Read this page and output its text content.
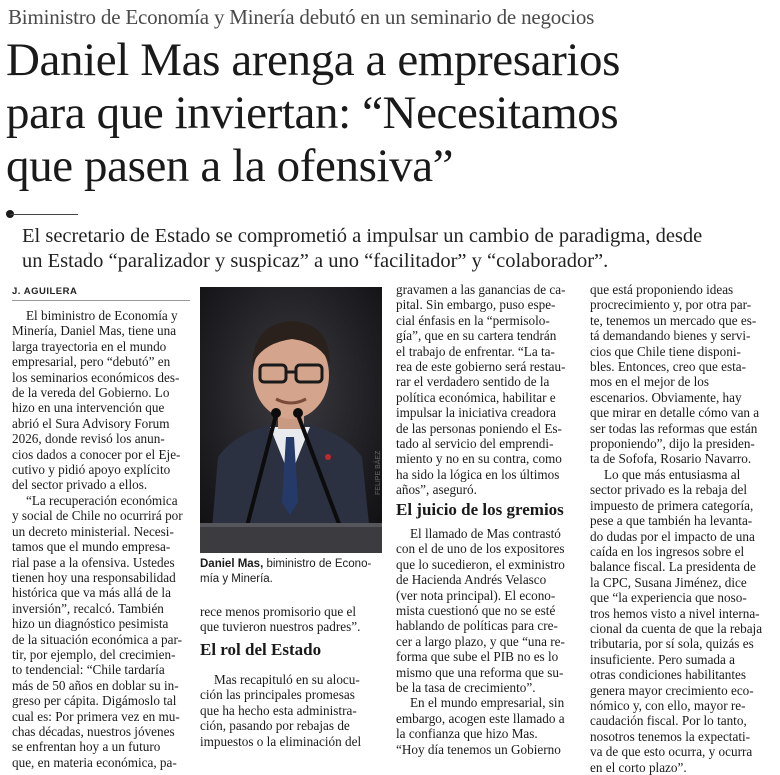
Biministro de Economía y Minería debutó en un seminario de negocios
Daniel Mas arenga a empresarios
para que inviertan: “Necesitamos
que pasen a la ofensiva”
El secretario de Estado se comprometió a impulsar un cambio de paradigma, desde
un Estado “paralizador y suspicaz” a uno “facilitador” y “colaborador”.
J. AGUILERA
El biministro de Economía y
Minería, Daniel Mas, tiene una
larga trayectoria en el mundo
empresarial, pero “debutó” en
los seminarios económicos des-
de la vereda del Gobierno. Lo
hizo en una intervención que
abrió el Sura Advisory Forum
2026, donde revisó los anun-
cios dados a conocer por el Eje-
cutivo y pidió apoyo explícito
del sector privado a ellos.
“La recuperación económica
y social de Chile no ocurrirá por
un decreto ministerial. Necesi-
tamos que el mundo empresa-
rial pase a la ofensiva. Ustedes
tienen hoy una responsabilidad
histórica que va más allá de la
inversión”, recalcó. También
hizo un diagnóstico pesimista
de la situación económica a par-
tir, por ejemplo, del crecimien-
to tendencial: “Chile tardaría
más de 50 años en doblar su in-
greso per cápita. Digámoslo tal
cual es: Por primera vez en mu-
chas décadas, nuestros jóvenes
se enfrentan hoy a un futuro
que, en materia económica, pa-
FELIPE BÁEZ
Daniel Mas, biministro de Econo-
mía y Minería.
rece menos promisorio que el
que tuvieron nuestros padres”.
El rol del Estado
Mas recapituló en su alocu-
ción las principales promesas
que ha hecho esta administra-
ción, pasando por rebajas de
impuestos o la eliminación del
gravamen a las ganancias de ca-
pital. Sin embargo, puso espe-
cial énfasis en la “permisolo-
gía”, que en su cartera tendrán
el trabajo de enfrentar. “La ta-
rea de este gobierno será restau-
rar el verdadero sentido de la
política económica, habilitar e
impulsar la iniciativa creadora
de las personas poniendo el Es-
tado al servicio del emprendi-
miento y no en su contra, como
ha sido la lógica en los últimos
años”, aseguró.
El juicio de los gremios
El llamado de Mas contrastó
con el de uno de los expositores
que lo sucedieron, el exministro
de Hacienda Andrés Velasco
(ver nota principal). El econo-
mista cuestionó que no se esté
hablando de políticas para cre-
cer a largo plazo, y que “una re-
forma que sube el PIB no es lo
mismo que una reforma que su-
be la tasa de crecimiento”.
En el mundo empresarial, sin
embargo, acogen este llamado a
la confianza que hizo Mas.
“Hoy día tenemos un Gobierno
que está proponiendo ideas
procrecimiento y, por otra par-
te, tenemos un mercado que es-
tá demandando bienes y servi-
cios que Chile tiene disponi-
bles. Entonces, creo que esta-
mos en el mejor de los
escenarios. Obviamente, hay
que mirar en detalle cómo van a
ser todas las reformas que están
proponiendo”, dijo la presiden-
ta de Sofofa, Rosario Navarro.
Lo que más entusiasma al
sector privado es la rebaja del
impuesto de primera categoría,
pese a que también ha levanta-
do dudas por el impacto de una
caída en los ingresos sobre el
balance fiscal. La presidenta de
la CPC, Susana Jiménez, dice
que “la experiencia que noso-
tros hemos visto a nivel interna-
cional da cuenta de que la rebaja
tributaria, por sí sola, quizás es
insuficiente. Pero sumada a
otras condiciones habilitantes
genera mayor crecimiento eco-
nómico y, con ello, mayor re-
caudación fiscal. Por lo tanto,
nosotros tenemos la expectati-
va de que esto ocurra, y ocurra
en el corto plazo”.
